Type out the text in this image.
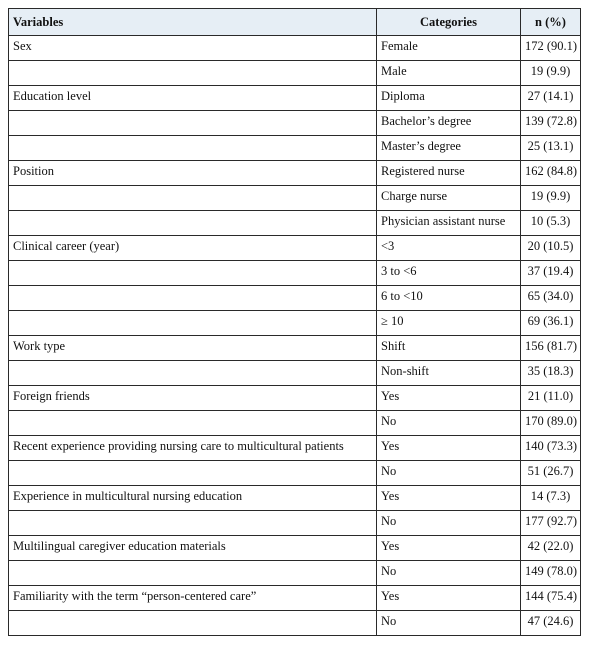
Variables	Categories	n (%)
Sex	Female	172 (90.1)
	Male	19 (9.9)
Education level	Diploma	27 (14.1)
	Bachelor’s degree	139 (72.8)
	Master’s degree	25 (13.1)
Position	Registered nurse	162 (84.8)
	Charge nurse	19 (9.9)
	Physician assistant nurse	10 (5.3)
Clinical career (year)	<3	20 (10.5)
	3 to <6	37 (19.4)
	6 to <10	65 (34.0)
	≥ 10	69 (36.1)
Work type	Shift	156 (81.7)
	Non-shift	35 (18.3)
Foreign friends	Yes	21 (11.0)
	No	170 (89.0)
Recent experience providing nursing care to multicultural patients	Yes	140 (73.3)
	No	51 (26.7)
Experience in multicultural nursing education	Yes	14 (7.3)
	No	177 (92.7)
Multilingual caregiver education materials	Yes	42 (22.0)
	No	149 (78.0)
Familiarity with the term “person-centered care”	Yes	144 (75.4)
	No	47 (24.6)
